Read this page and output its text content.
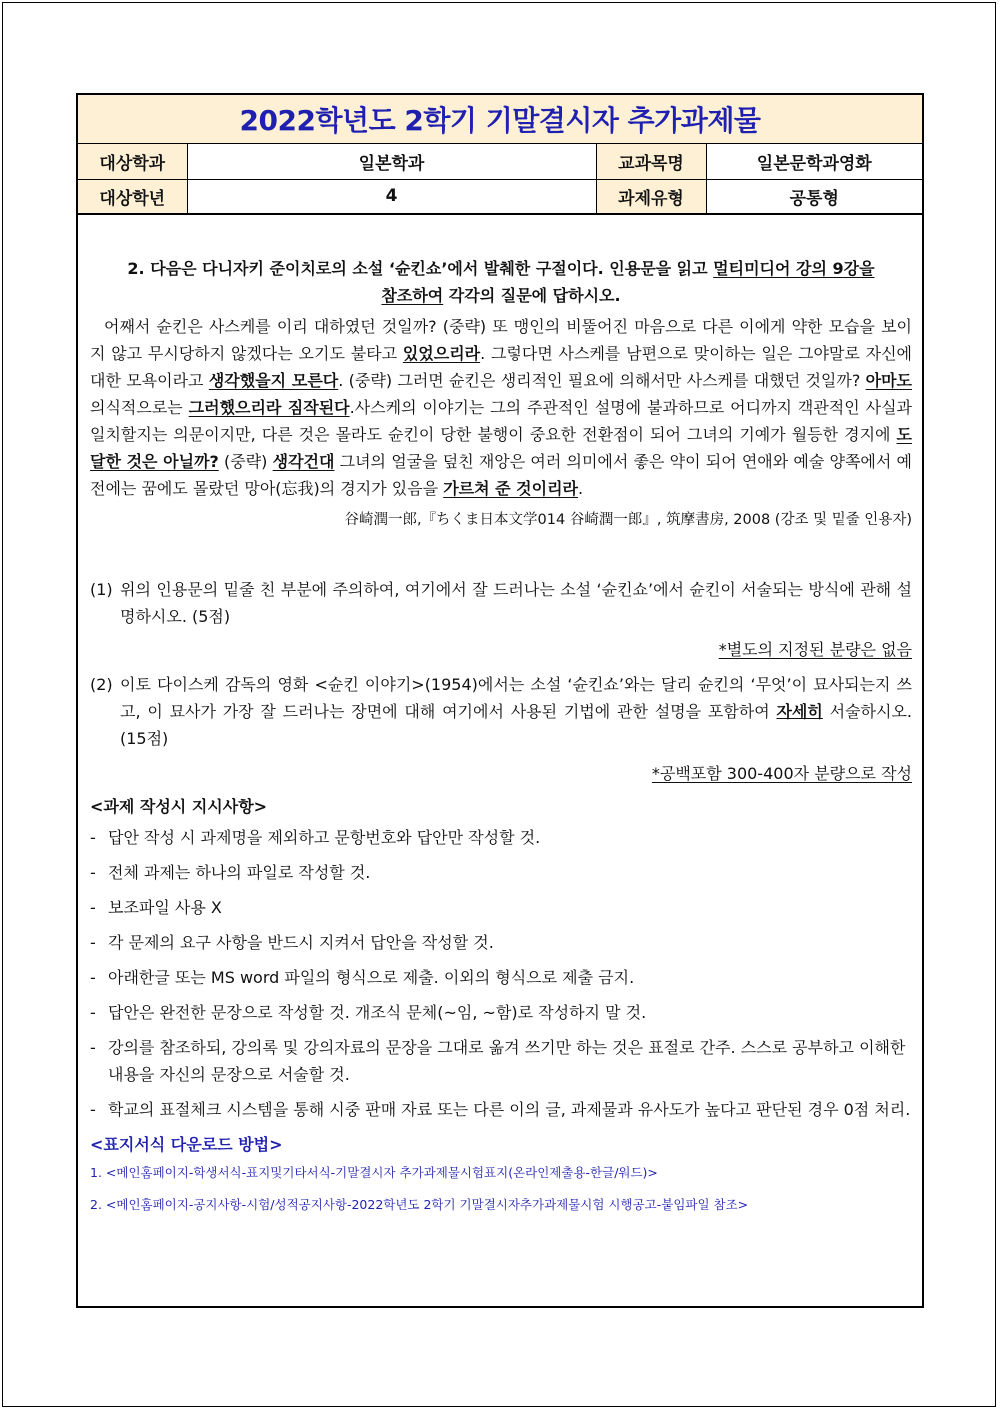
2022학년도 2학기 기말결시자 추가과제물
대상학과	일본학과	교과목명	일본문학과영화
대상학년	4	과제유형	공통형
2. 다음은 다니자키 준이치로의 소설 ‘슌킨쇼’에서 발췌한 구절이다. 인용문을 읽고 멀티미디어 강의 9강을
참조하여 각각의 질문에 답하시오.
어째서 슌킨은 사스케를 이리 대하였던 것일까? (중략) 또 맹인의 비뚤어진 마음으로 다른 이에게 약한 모습을 보이지 않고 무시당하지 않겠다는 오기도 불타고 있었으리라. 그렇다면 사스케를 남편으로 맞이하는 일은 그야말로 자신에 대한 모욕이라고 생각했을지 모른다. (중략) 그러면 슌킨은 생리적인 필요에 의해서만 사스케를 대했던 것일까? 아마도 의식적으로는 그러했으리라 짐작된다.사스케의 이야기는 그의 주관적인 설명에 불과하므로 어디까지 객관적인 사실과 일치할지는 의문이지만, 다른 것은 몰라도 슌킨이 당한 불행이 중요한 전환점이 되어 그녀의 기예가 월등한 경지에 도달한 것은 아닐까? (중략) 생각건대 그녀의 얼굴을 덮친 재앙은 여러 의미에서 좋은 약이 되어 연애와 예술 양쪽에서 예전에는 꿈에도 몰랐던 망아(忘我)의 경지가 있음을 가르쳐 준 것이리라.
谷崎潤一郎,『ちくま日本文学014 谷崎潤一郎』, 筑摩書房, 2008 (강조 및 밑줄 인용자)
(1) 위의 인용문의 밑줄 친 부분에 주의하여, 여기에서 잘 드러나는 소설 ‘슌킨쇼’에서 슌킨이 서술되는 방식에 관해 설명하시오. (5점)
*별도의 지정된 분량은 없음
(2) 이토 다이스케 감독의 영화 <슌킨 이야기>(1954)에서는 소설 ‘슌킨쇼’와는 달리 슌킨의 ‘무엇’이 묘사되는지 쓰고, 이 묘사가 가장 잘 드러나는 장면에 대해 여기에서 사용된 기법에 관한 설명을 포함하여 자세히 서술하시오. (15점)
*공백포함 300-400자 분량으로 작성
<과제 작성시 지시사항>
- 답안 작성 시 과제명을 제외하고 문항번호와 답안만 작성할 것.
- 전체 과제는 하나의 파일로 작성할 것.
- 보조파일 사용 X
- 각 문제의 요구 사항을 반드시 지켜서 답안을 작성할 것.
- 아래한글 또는 MS word 파일의 형식으로 제출. 이외의 형식으로 제출 금지.
- 답안은 완전한 문장으로 작성할 것. 개조식 문체(~임, ~함)로 작성하지 말 것.
- 강의를 참조하되, 강의록 및 강의자료의 문장을 그대로 옮겨 쓰기만 하는 것은 표절로 간주. 스스로 공부하고 이해한 내용을 자신의 문장으로 서술할 것.
- 학교의 표절체크 시스템을 통해 시중 판매 자료 또는 다른 이의 글, 과제물과 유사도가 높다고 판단된 경우 0점 처리.
<표지서식 다운로드 방법>
1. <메인홈페이지-학생서식-표지및기타서식-기말결시자 추가과제물시험표지(온라인제출용-한글/워드)>
2. <메인홈페이지-공지사항-시험/성적공지사항-2022학년도 2학기 기말결시자추가과제물시험 시행공고-붙임파일 참조>
